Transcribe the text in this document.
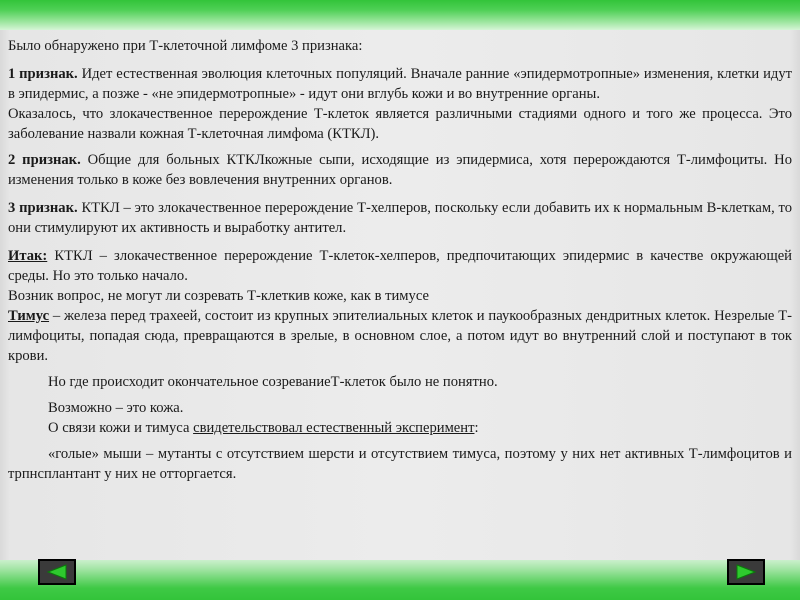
Было обнаружено при Т-клеточной лимфоме 3 признака:

1 признак. Идет естественная эволюция клеточных популяций. Вначале ранние «эпидермотропные» изменения, клетки идут в эпидермис, а позже - «не эпидермотропные» - идут они вглубь кожи и во внутренние органы.

Оказалось, что злокачественное перерождение Т-клеток является различными стадиями одного и того же процесса. Это заболевание назвали кожная Т-клеточная лимфома (КТКЛ).

2 признак. Общие для больных КТКЛкожные сыпи, исходящие из эпидермиса, хотя перерождаются Т-лимфоциты. Но изменения только в коже без вовлечения внутренних органов.

3 признак. КТКЛ – это злокачественное перерождение Т-хелперов, поскольку если добавить их к нормальным В-клеткам, то они стимулируют их активность и выработку антител.

Итак: КТКЛ – злокачественное перерождение Т-клеток-хелперов, предпочитающих эпидермис в качестве окружающей среды. Но это только начало.

Возник вопрос, не могут ли созревать Т-клеткив коже, как в тимусе

Тимус – железа перед трахеей, состоит из крупных эпителиальных клеток и паукообразных дендритных клеток. Незрелые Т-лимфоциты, попадая сюда, превращаются в зрелые, в основном слое, а потом идут во внутренний слой и поступают в ток крови.

Но где происходит окончательное созреваниеТ-клеток было не понятно.

Возможно – это кожа.

О связи кожи и тимуса свидетельствовал естественный эксперимент:

«голые» мыши – мутанты с отсутствием шерсти и отсутствием тимуса, поэтому у них нет активных Т-лимфоцитов и трпнсплантант у них не отторгается.
